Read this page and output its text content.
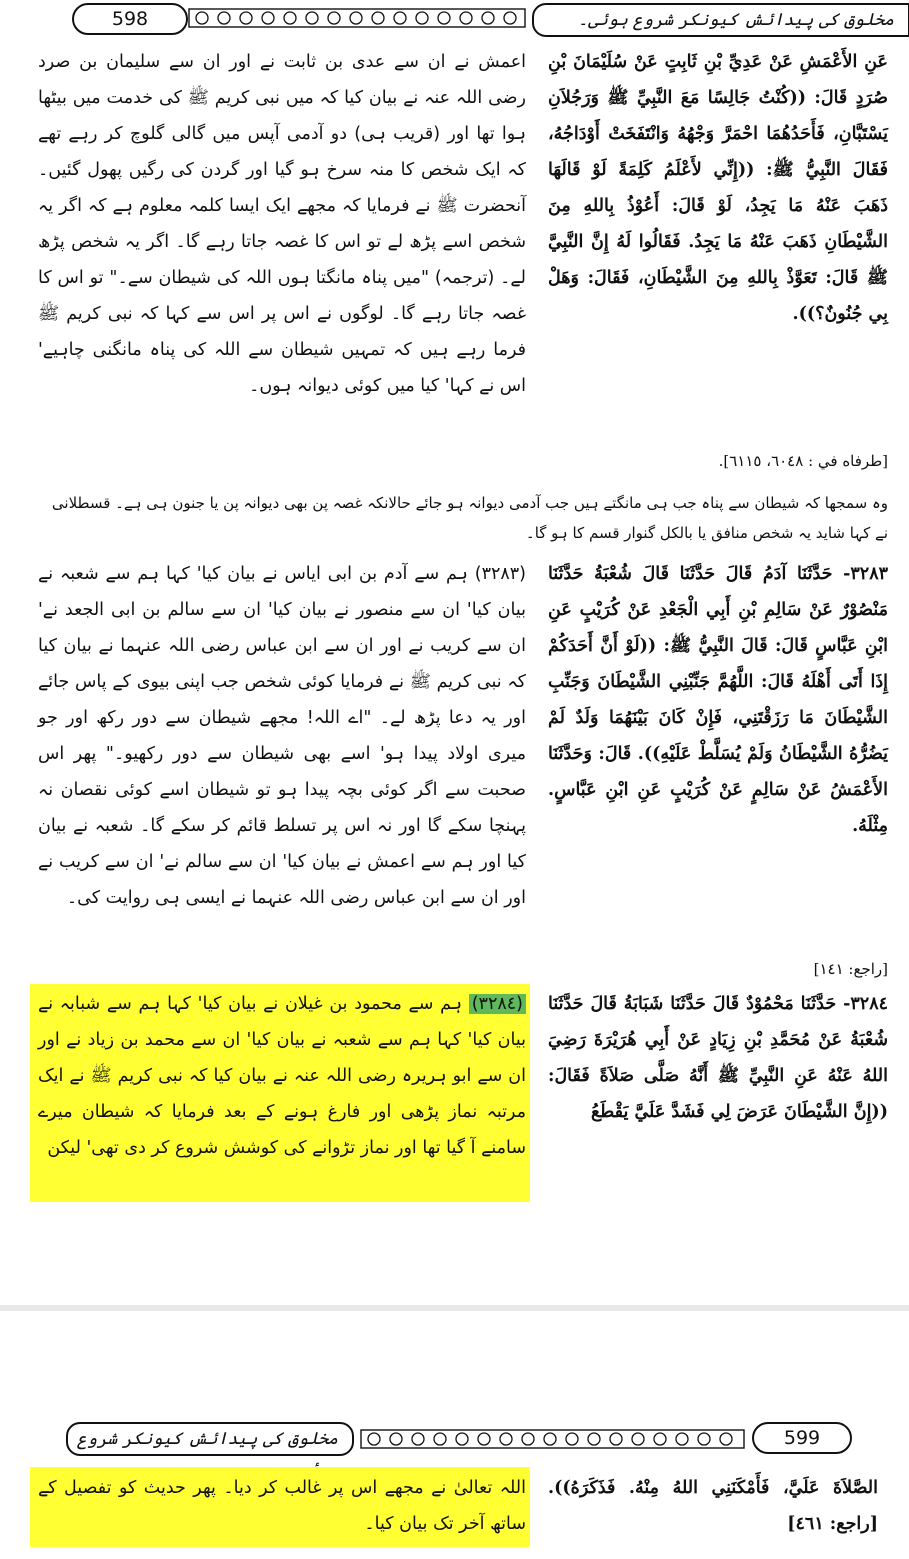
598	مخلوق کی پیدائش کیونکر شروع ہوئی۔
عَنِ الأَعْمَشِ عَنْ عَدِيِّ بْنِ ثَابِتٍ عَنْ سُلَيْمَانَ بْنِ صُرَدٍ قَالَ: ((كُنْتُ جَالِسًا مَعَ النَّبِيِّ ﷺ وَرَجُلاَنِ يَسْتَبَّانِ، فَأَحَدُهُمَا احْمَرَّ وَجْهُهُ وَانْتَفَخَتْ أَوْدَاجُهُ، فَقَالَ النَّبِيُّ ﷺ: ((إِنِّي لأَعْلَمُ كَلِمَةً لَوْ قَالَهَا ذَهَبَ عَنْهُ مَا يَجِدُ، لَوْ قَالَ: أَعُوْذُ بِاللهِ مِنَ الشَّيْطَانِ ذَهَبَ عَنْهُ مَا يَجِدُ. فَقَالُوا لَهُ إِنَّ النَّبِيَّ ﷺ قَالَ: تَعَوَّذْ بِاللهِ مِنَ الشَّيْطَانِ، فَقَالَ: وَهَلْ بِي جُنُونٌ؟)).
[طرفاه في : ٦٠٤٨، ٦١١٥].
اعمش نے ان سے عدی بن ثابت نے اور ان سے سلیمان بن صرد رضی اللہ عنہ نے بیان کیا کہ میں نبی کریم ﷺ کی خدمت میں بیٹھا ہوا تھا اور (قریب ہی) دو آدمی آپس میں گالی گلوچ کر رہے تھے کہ ایک شخص کا منہ سرخ ہو گیا اور گردن کی رگیں پھول گئیں۔ آنحضرت ﷺ نے فرمایا کہ مجھے ایک ایسا کلمہ معلوم ہے کہ اگر یہ شخص اسے پڑھ لے تو اس کا غصہ جاتا رہے گا۔ اگر یہ شخص پڑھ لے۔ (ترجمہ) "میں پناہ مانگتا ہوں اللہ کی شیطان سے۔" تو اس کا غصہ جاتا رہے گا۔ لوگوں نے اس پر اس سے کہا کہ نبی کریم ﷺ فرما رہے ہیں کہ تمہیں شیطان سے اللہ کی پناہ مانگنی چاہیے' اس نے کہا' کیا میں کوئی دیوانہ ہوں۔
وہ سمجھا کہ شیطان سے پناہ جب ہی مانگتے ہیں جب آدمی دیوانہ ہو جائے حالانکہ غصہ پن بھی دیوانہ پن یا جنون ہی ہے۔ قسطلانی نے کہا شاید یہ شخص منافق یا بالکل گنوار قسم کا ہو گا۔
٣٢٨٣- حَدَّثَنَا آدَمُ قَالَ حَدَّثَنَا قَالَ شُعْبَةُ حَدَّثَنَا مَنْصُوْرٌ عَنْ سَالِمِ بْنِ أَبِي الْجَعْدِ عَنْ كُرَيْبٍ عَنِ ابْنِ عَبَّاسٍ قَالَ: قَالَ النَّبِيُّ ﷺ: ((لَوْ أَنَّ أَحَدَكُمْ إِذَا أَتَى أَهْلَهُ قَالَ: اللَّهُمَّ جَنِّبْنِي الشَّيْطَانَ وَجَنِّبِ الشَّيْطَانَ مَا رَزَقْتَنِي، فَإِنْ كَانَ بَيْنَهُمَا وَلَدٌ لَمْ يَضُرُّهُ الشَّيْطَانُ وَلَمْ يُسَلَّطْ عَلَيْهِ)). قَالَ: وَحَدَّثَنَا الأَعْمَشُ عَنْ سَالِمٍ عَنْ كُرَيْبٍ عَنِ ابْنِ عَبَّاسٍ. مِثْلَهُ.
[راجع: ١٤١]
(٣٢٨٣) ہم سے آدم بن ابی ایاس نے بیان کیا' کہا ہم سے شعبہ نے بیان کیا' ان سے منصور نے بیان کیا' ان سے سالم بن ابی الجعد نے' ان سے کریب نے اور ان سے ابن عباس رضی اللہ عنہما نے بیان کیا کہ نبی کریم ﷺ نے فرمایا کوئی شخص جب اپنی بیوی کے پاس جائے اور یہ دعا پڑھ لے۔ "اے اللہ! مجھے شیطان سے دور رکھ اور جو میری اولاد پیدا ہو' اسے بھی شیطان سے دور رکھیو۔" پھر اس صحبت سے اگر کوئی بچہ پیدا ہو تو شیطان اسے کوئی نقصان نہ پہنچا سکے گا اور نہ اس پر تسلط قائم کر سکے گا۔ شعبہ نے بیان کیا اور ہم سے اعمش نے بیان کیا' ان سے سالم نے' ان سے کریب نے اور ان سے ابن عباس رضی اللہ عنہما نے ایسی ہی روایت کی۔
٣٢٨٤- حَدَّثَنَا مَحْمُوْدٌ قَالَ حَدَّثَنَا شَبَابَةُ قَالَ حَدَّثَنَا شُعْبَةُ عَنْ مُحَمَّدِ بْنِ زِيَادٍ عَنْ أَبِي هُرَيْرَةَ رَضِيَ اللهُ عَنْهُ عَنِ النَّبِيِّ ﷺ أَنَّهُ صَلَّى صَلاَةً فَقَالَ: ((إِنَّ الشَّيْطَانَ عَرَضَ لِي فَشَدَّ عَلَيَّ يَقْطَعُ
(٣٢٨٤) ہم سے محمود بن غیلان نے بیان کیا' کہا ہم سے شبابہ نے بیان کیا' کہا ہم سے شعبہ نے بیان کیا' ان سے محمد بن زیاد نے اور ان سے ابو ہریرہ رضی اللہ عنہ نے بیان کیا کہ نبی کریم ﷺ نے ایک مرتبہ نماز پڑھی اور فارغ ہونے کے بعد فرمایا کہ شیطان میرے سامنے آ گیا تھا اور نماز تڑوانے کی کوشش شروع کر دی تھی' لیکن
مخلوق کی پیدائش کیونکر شروع	599
الصَّلاَةَ عَلَيَّ، فَأَمْكَنَنِي اللهُ مِنْهُ. فَذَكَرَهُ)). [راجع: ٤٦١]
اللہ تعالیٰ نے مجھے اس پر غالب کر دیا۔ پھر حدیث کو تفصیل کے ساتھ آخر تک بیان کیا۔
